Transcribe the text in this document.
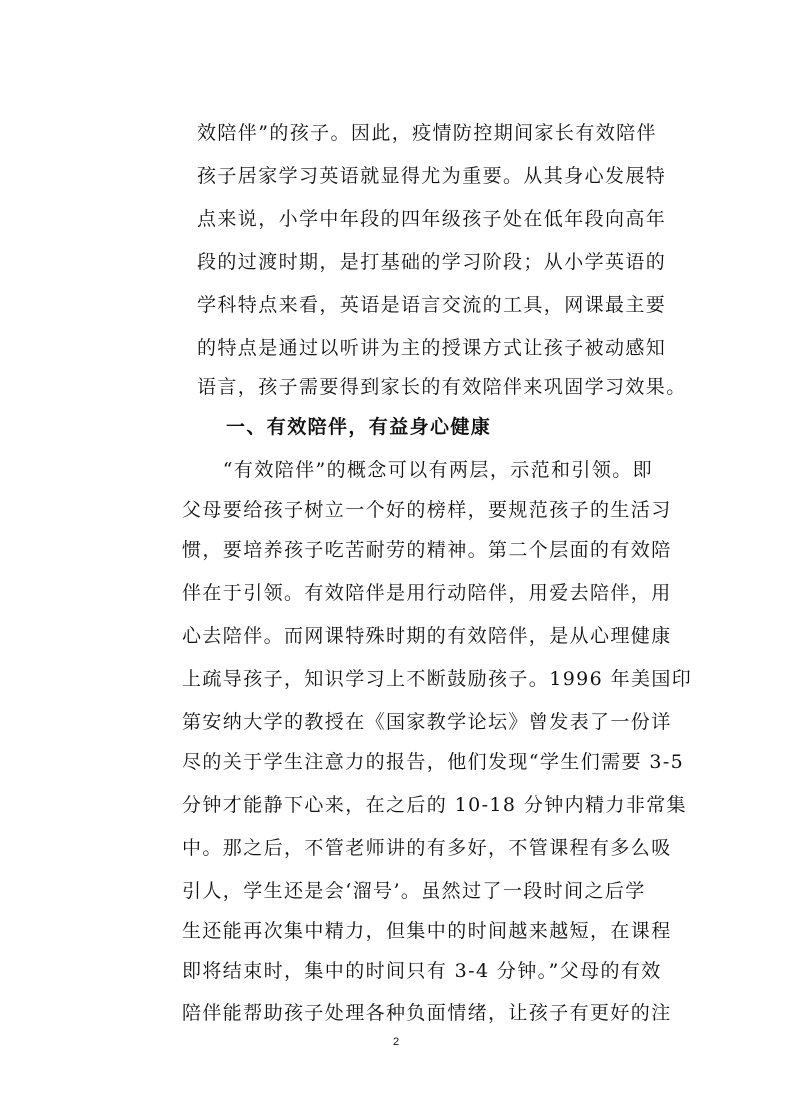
效陪伴”的孩子。因此，疫情防控期间家长有效陪伴
孩子居家学习英语就显得尤为重要。从其身心发展特
点来说，小学中年段的四年级孩子处在低年段向高年
段的过渡时期，是打基础的学习阶段；从小学英语的
学科特点来看，英语是语言交流的工具，网课最主要
的特点是通过以听讲为主的授课方式让孩子被动感知
语言，孩子需要得到家长的有效陪伴来巩固学习效果。
一、有效陪伴，有益身心健康
　　“有效陪伴”的概念可以有两层，示范和引领。即
父母要给孩子树立一个好的榜样，要规范孩子的生活习
惯，要培养孩子吃苦耐劳的精神。第二个层面的有效陪
伴在于引领。有效陪伴是用行动陪伴，用爱去陪伴，用
心去陪伴。而网课特殊时期的有效陪伴，是从心理健康
上疏导孩子，知识学习上不断鼓励孩子。1996 年美国印
第安纳大学的教授在《国家教学论坛》曾发表了一份详
尽的关于学生注意力的报告，他们发现“学生们需要 3-5
分钟才能静下心来，在之后的 10-18 分钟内精力非常集
中。那之后，不管老师讲的有多好，不管课程有多么吸
引人，学生还是会‘溜号’。虽然过了一段时间之后学
生还能再次集中精力，但集中的时间越来越短，在课程
即将结束时，集中的时间只有 3-4 分钟。”父母的有效
陪伴能帮助孩子处理各种负面情绪，让孩子有更好的注
2
